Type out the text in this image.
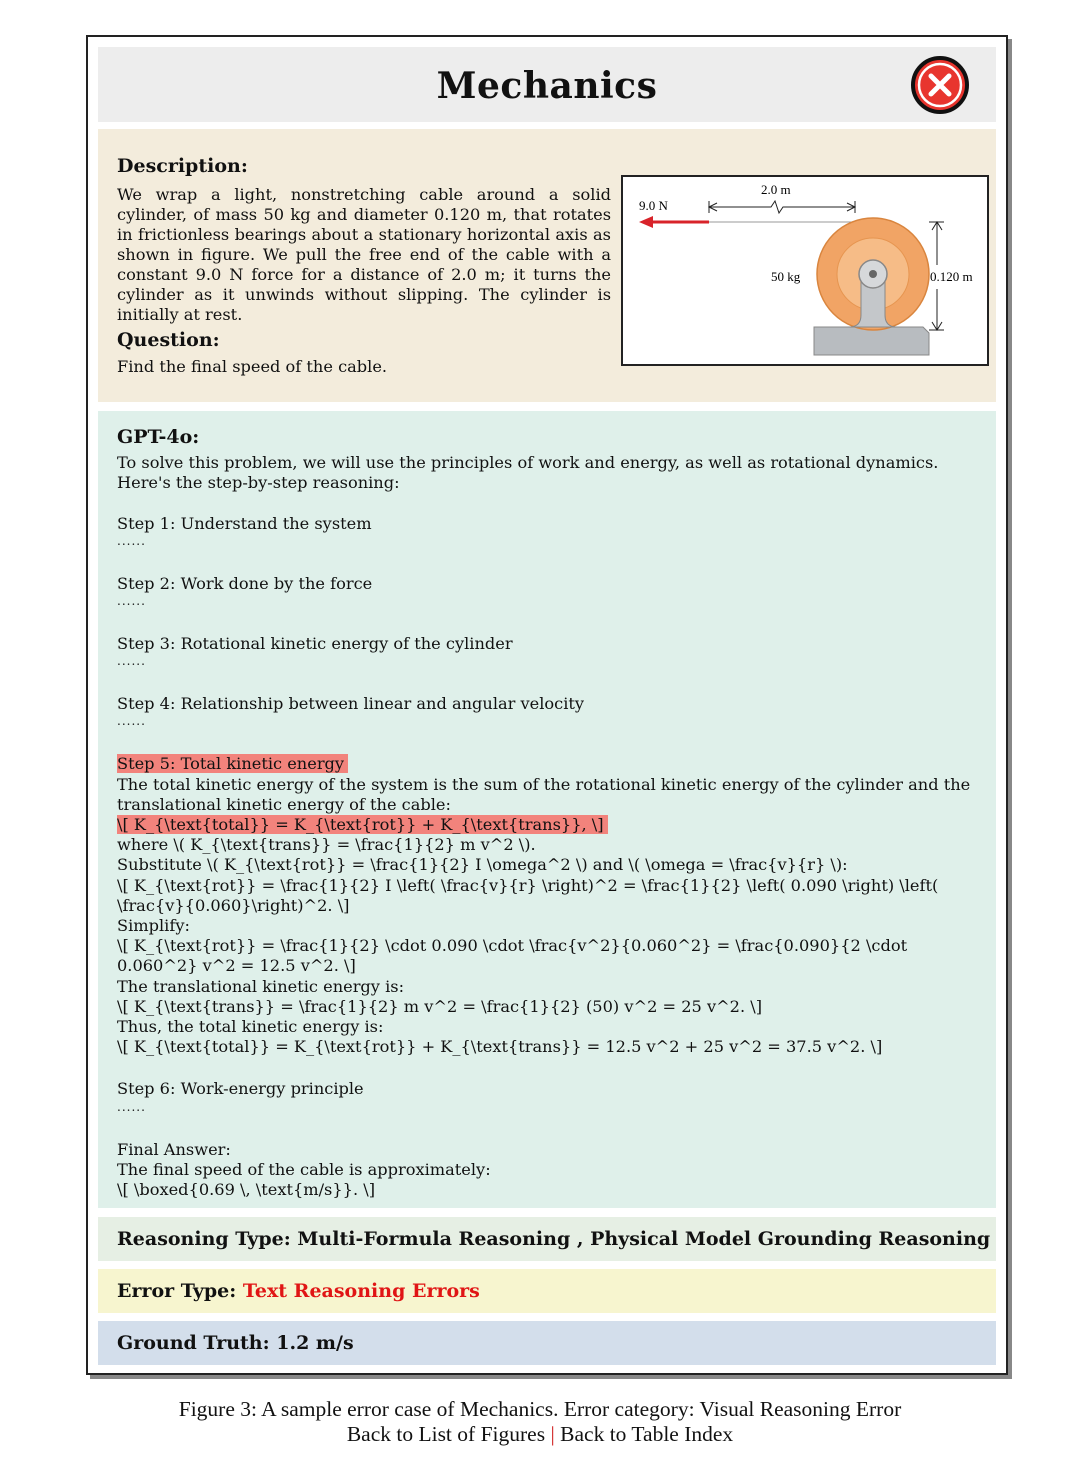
Mechanics

Description:

We wrap a light, nonstretching cable around a solid cylinder, of mass 50 kg and diameter 0.120 m, that rotates in frictionless bearings about a stationary horizontal axis as shown in figure. We pull the free end of the cable with a constant 9.0 N force for a distance of 2.0 m; it turns the cylinder as it unwinds without slipping. The cylinder is initially at rest.

Question:

Find the final speed of the cable.
9.0 N
2.0 m
50 kg	0.120 m

GPT-4o:

To solve this problem, we will use the principles of work and energy, as well as rotational dynamics. Here's the step-by-step reasoning:

Step 1: Understand the system

......

Step 2: Work done by the force

......

Step 3: Rotational kinetic energy of the cylinder

......

Step 4: Relationship between linear and angular velocity

......

Step 5: Total kinetic energy

The total kinetic energy of the system is the sum of the rotational kinetic energy of the cylinder and the translational kinetic energy of the cable:

\[ K_{\text{total}} = K_{\text{rot}} + K_{\text{trans}}, \]

where \( K_{\text{trans}} = \frac{1}{2} m v^2 \).

Substitute \( K_{\text{rot}} = \frac{1}{2} I \omega^2 \) and \( \omega = \frac{v}{r} \):

\[ K_{\text{rot}} = \frac{1}{2} I \left( \frac{v}{r} \right)^2 = \frac{1}{2} \left( 0.090 \right) \left( \frac{v}{0.060}\right)^2. \]

Simplify:

\[ K_{\text{rot}} = \frac{1}{2} \cdot 0.090 \cdot \frac{v^2}{0.060^2} = \frac{0.090}{2 \cdot 0.060^2} v^2 = 12.5 v^2. \]

The translational kinetic energy is:

\[ K_{\text{trans}} = \frac{1}{2} m v^2 = \frac{1}{2} (50) v^2 = 25 v^2. \]

Thus, the total kinetic energy is:

\[ K_{\text{total}} = K_{\text{rot}} + K_{\text{trans}} = 12.5 v^2 + 25 v^2 = 37.5 v^2. \]

Step 6: Work-energy principle

......

Final Answer:

The final speed of the cable is approximately:

\[ \boxed{0.69 \, \text{m/s}}. \]

Reasoning Type: Multi-Formula Reasoning , Physical Model Grounding Reasoning
Error Type: Text Reasoning Errors
Ground Truth: 1.2 m/s
Figure 3: A sample error case of Mechanics. Error category: Visual Reasoning Error
Back to List of Figures | Back to Table Index
